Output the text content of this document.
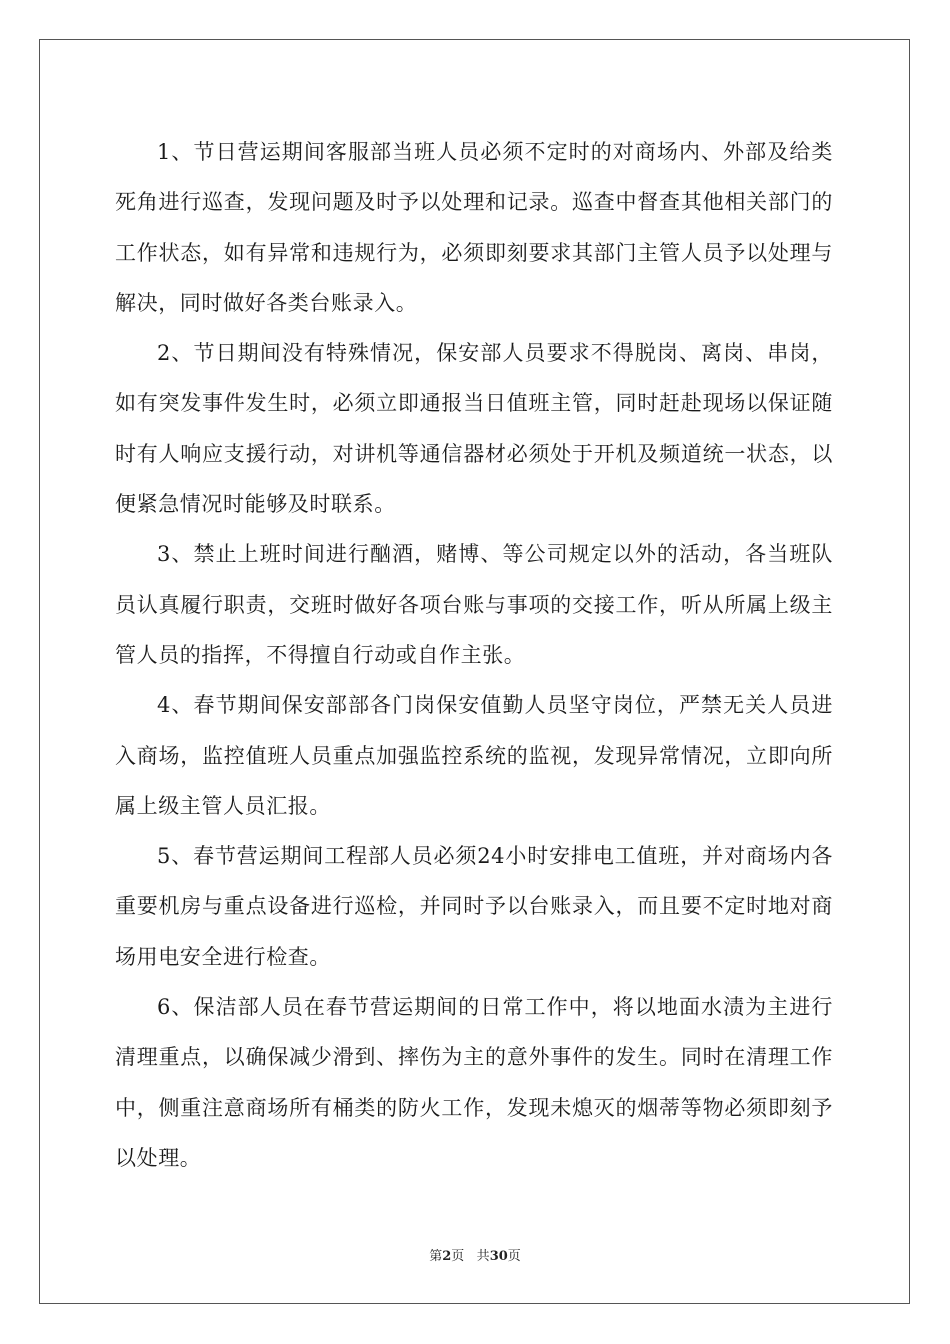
1、节日营运期间客服部当班人员必须不定时的对商场内、外部及给类死角进行巡查，发现问题及时予以处理和记录。巡查中督查其他相关部门的工作状态，如有异常和违规行为，必须即刻要求其部门主管人员予以处理与解决，同时做好各类台账录入。

2、节日期间没有特殊情况，保安部人员要求不得脱岗、离岗、串岗，如有突发事件发生时，必须立即通报当日值班主管，同时赶赴现场以保证随时有人响应支援行动，对讲机等通信器材必须处于开机及频道统一状态，以便紧急情况时能够及时联系。

3、禁止上班时间进行酗酒，赌博、等公司规定以外的活动，各当班队员认真履行职责，交班时做好各项台账与事项的交接工作，听从所属上级主管人员的指挥，不得擅自行动或自作主张。

4、春节期间保安部部各门岗保安值勤人员坚守岗位，严禁无关人员进入商场，监控值班人员重点加强监控系统的监视，发现异常情况，立即向所属上级主管人员汇报。

5、春节营运期间工程部人员必须24小时安排电工值班，并对商场内各重要机房与重点设备进行巡检，并同时予以台账录入，而且要不定时地对商场用电安全进行检查。

6、保洁部人员在春节营运期间的日常工作中，将以地面水渍为主进行清理重点，以确保减少滑到、摔伤为主的意外事件的发生。同时在清理工作中，侧重注意商场所有桶类的防火工作，发现未熄灭的烟蒂等物必须即刻予以处理。

第2页 共30页
